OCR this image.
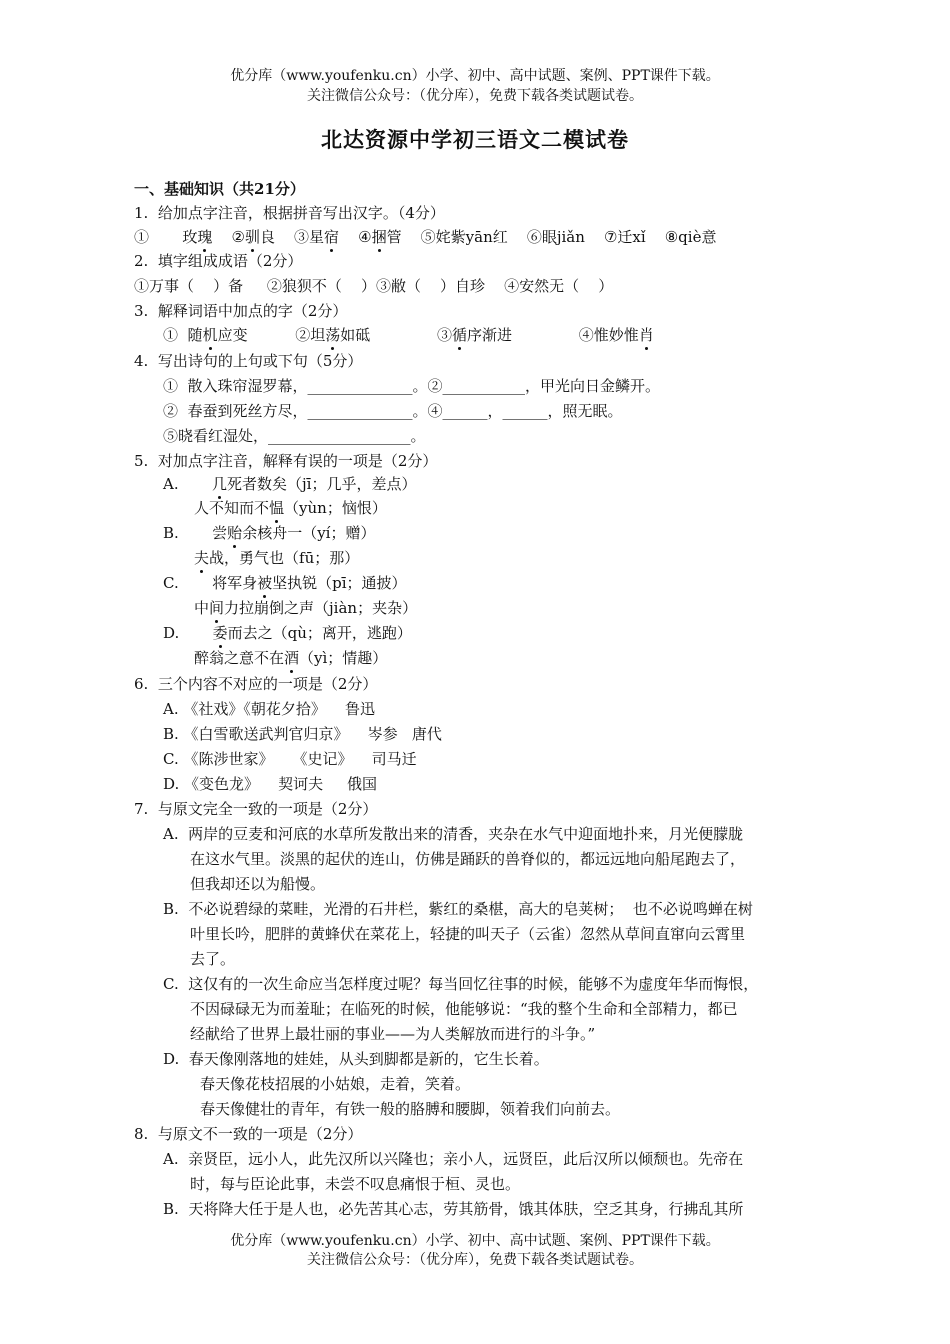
优分库（www.youfenku.cn）小学、初中、高中试题、案例、PPT课件下载。
关注微信公众号：（优分库），免费下载各类试题试卷。
北达资源中学初三语文二模试卷
一、基础知识（共21分）
1.  给加点字注音，根据拼音写出汉字。（4分）
①       玫瑰    ②驯良    ③星宿    ④捆管    ⑤姹紫yān红    ⑥眼jiǎn    ⑦迁xǐ    ⑧qiè意
2.  填字组成成语（2分）
①万事（    ）备     ②狼狈不（    ）③敝（    ）自珍    ④安然无（    ）
3.  解释词语中加点的字（2分）
①  随机应变          ②坦荡如砥              ③循序渐进              ④惟妙惟肖
4.  写出诗句的上句或下句（5分）
①  散入珠帘湿罗幕，______________。②___________，甲光向日金鳞开。
②  春蚕到死丝方尽，______________。④______，______，照无眠。
⑤晓看红湿处，___________________。
5.  对加点字注音，解释有误的一项是（2分）
A.       几死者数矣（jī；几乎，差点）
人不知而不愠（yùn；恼恨）
B.       尝贻余核舟一（yí；赠）
夫战，勇气也（fū；那）
C.       将军身被坚执锐（pī；通披）
中间力拉崩倒之声（jiàn；夹杂）
D.       委而去之（qù；离开，逃跑）
醉翁之意不在酒（yì；情趣）
6.  三个内容不对应的一项是（2分）
A. 《社戏》《朝花夕拾》    鲁迅
B. 《白雪歌送武判官归京》    岑参   唐代
C. 《陈涉世家》    《史记》    司马迁
D. 《变色龙》    契诃夫     俄国
7.  与原文完全一致的一项是（2分）
A.  两岸的豆麦和河底的水草所发散出来的清香，夹杂在水气中迎面地扑来，月光便朦胧
在这水气里。淡黑的起伏的连山，仿佛是踊跃的兽脊似的，都远远地向船尾跑去了，
但我却还以为船慢。
B.  不必说碧绿的菜畦，光滑的石井栏，紫红的桑椹，高大的皂荚树；  也不必说鸣蝉在树
叶里长吟，肥胖的黄蜂伏在菜花上，轻捷的叫天子（云雀）忽然从草间直窜向云霄里
去了。
C.  这仅有的一次生命应当怎样度过呢？每当回忆往事的时候，能够不为虚度年华而悔恨，
不因碌碌无为而羞耻；在临死的时候，他能够说：“我的整个生命和全部精力，都已
经献给了世界上最壮丽的事业——为人类解放而进行的斗争。”
D.  春天像刚落地的娃娃，从头到脚都是新的，它生长着。
春天像花枝招展的小姑娘，走着，笑着。
春天像健壮的青年，有铁一般的胳膊和腰脚，领着我们向前去。
8.  与原文不一致的一项是（2分）
A.  亲贤臣，远小人，此先汉所以兴隆也；亲小人，远贤臣，此后汉所以倾颓也。先帝在
时，每与臣论此事，未尝不叹息痛恨于桓、灵也。
B.  天将降大任于是人也，必先苦其心志，劳其筋骨，饿其体肤，空乏其身，行拂乱其所
优分库（www.youfenku.cn）小学、初中、高中试题、案例、PPT课件下载。
关注微信公众号：（优分库），免费下载各类试题试卷。
